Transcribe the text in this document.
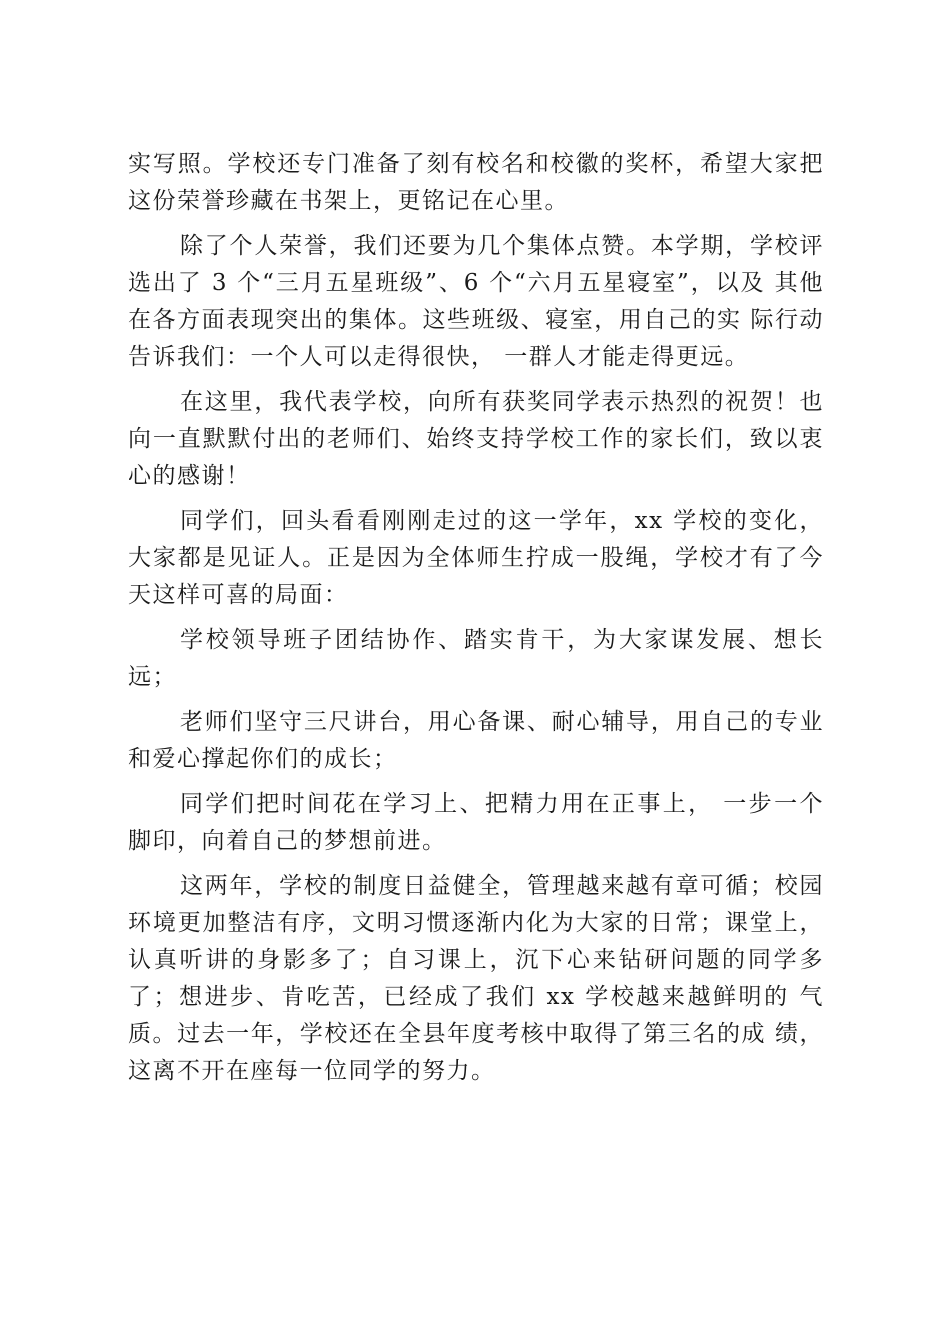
实写照。学校还专门准备了刻有校名和校徽的奖杯，希望大家把这份荣誉珍藏在书架上，更铭记在心里。

除了个人荣誉，我们还要为几个集体点赞。本学期，学校评选出了 3 个“三月五星班级”、6 个“六月五星寝室”，以及 其他在各方面表现突出的集体。这些班级、寝室，用自己的实 际行动告诉我们：一个人可以走得很快， 一群人才能走得更远。

在这里，我代表学校，向所有获奖同学表示热烈的祝贺！也向一直默默付出的老师们、始终支持学校工作的家长们，致以衷心的感谢！

同学们，回头看看刚刚走过的这一学年，xx 学校的变化，大家都是见证人。正是因为全体师生拧成一股绳，学校才有了今天这样可喜的局面：

学校领导班子团结协作、踏实肯干，为大家谋发展、想长远；

老师们坚守三尺讲台，用心备课、耐心辅导，用自己的专业和爱心撑起你们的成长；

同学们把时间花在学习上、把精力用在正事上， 一步一个脚印，向着自己的梦想前进。

这两年，学校的制度日益健全，管理越来越有章可循；校园环境更加整洁有序，文明习惯逐渐内化为大家的日常；课堂上，认真听讲的身影多了；自习课上，沉下心来钻研问题的同学多了；想进步、肯吃苦，已经成了我们 xx 学校越来越鲜明的 气质。过去一年，学校还在全县年度考核中取得了第三名的成 绩，这离不开在座每一位同学的努力。
